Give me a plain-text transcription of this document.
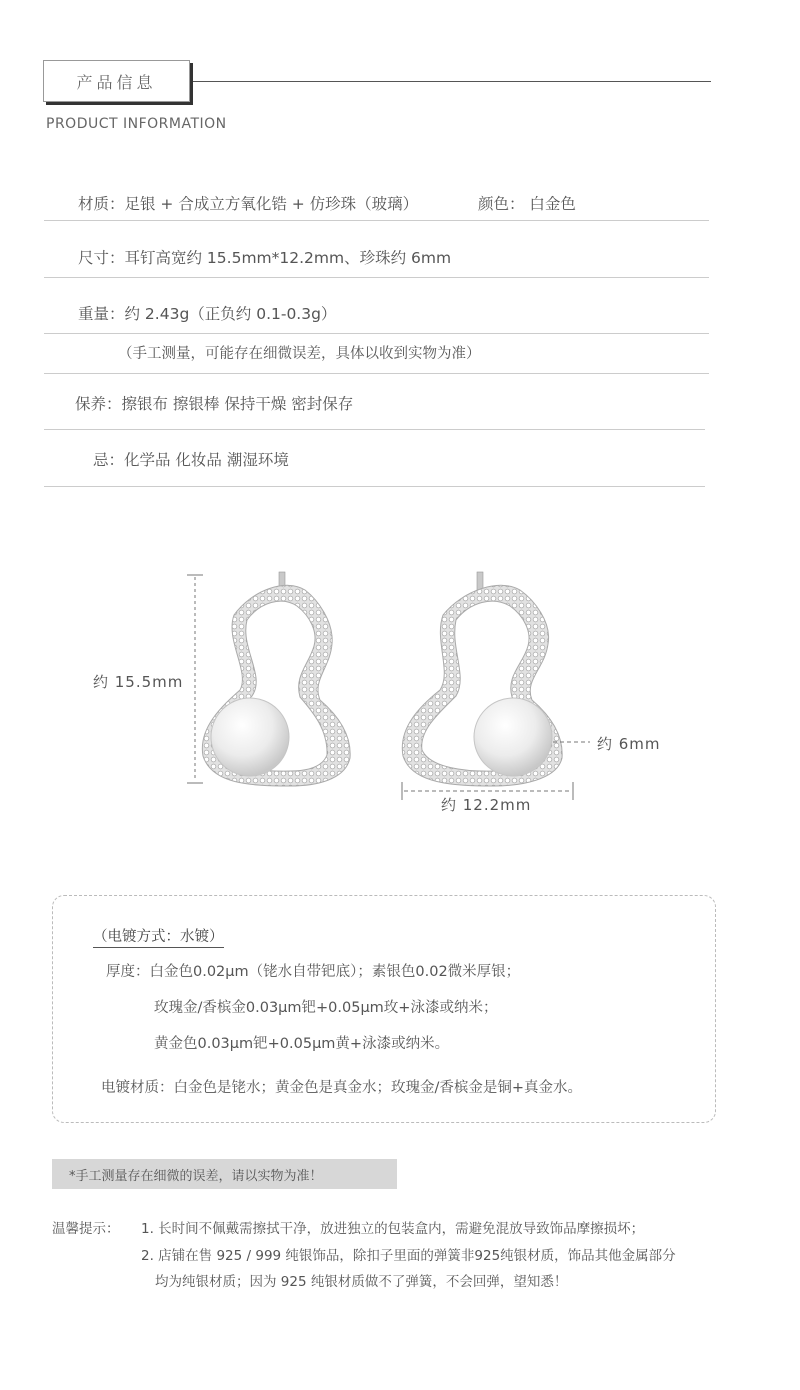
产品信息
PRODUCT INFORMATION
材质：足银 + 合成立方氧化锆 + 仿珍珠（玻璃）	颜色： 白金色
尺寸：耳钉高宽约 15.5mm*12.2mm、珍珠约 6mm
重量：约 2.43g（正负约 0.1-0.3g）
（手工测量，可能存在细微误差，具体以收到实物为准）
保养：擦银布 擦银棒 保持干燥 密封保存
忌：化学品 化妆品 潮湿环境
约 15.5mm
约 6mm
约 12.2mm
（电镀方式：水镀）
厚度：白金色0.02μm（铑水自带钯底）；素银色0.02微米厚银；
玫瑰金/香槟金0.03μm钯+0.05μm玫+泳漆或纳米；
黄金色0.03μm钯+0.05μm黄+泳漆或纳米。
电镀材质：白金色是铑水；黄金色是真金水；玫瑰金/香槟金是铜+真金水。
*手工测量存在细微的误差，请以实物为准！
温馨提示： 1. 长时间不佩戴需擦拭干净，放进独立的包装盒内，需避免混放导致饰品摩擦损坏；
2. 店铺在售 925 / 999 纯银饰品，除扣子里面的弹簧非925纯银材质，饰品其他金属部分
均为纯银材质；因为 925 纯银材质做不了弹簧，不会回弹，望知悉！
